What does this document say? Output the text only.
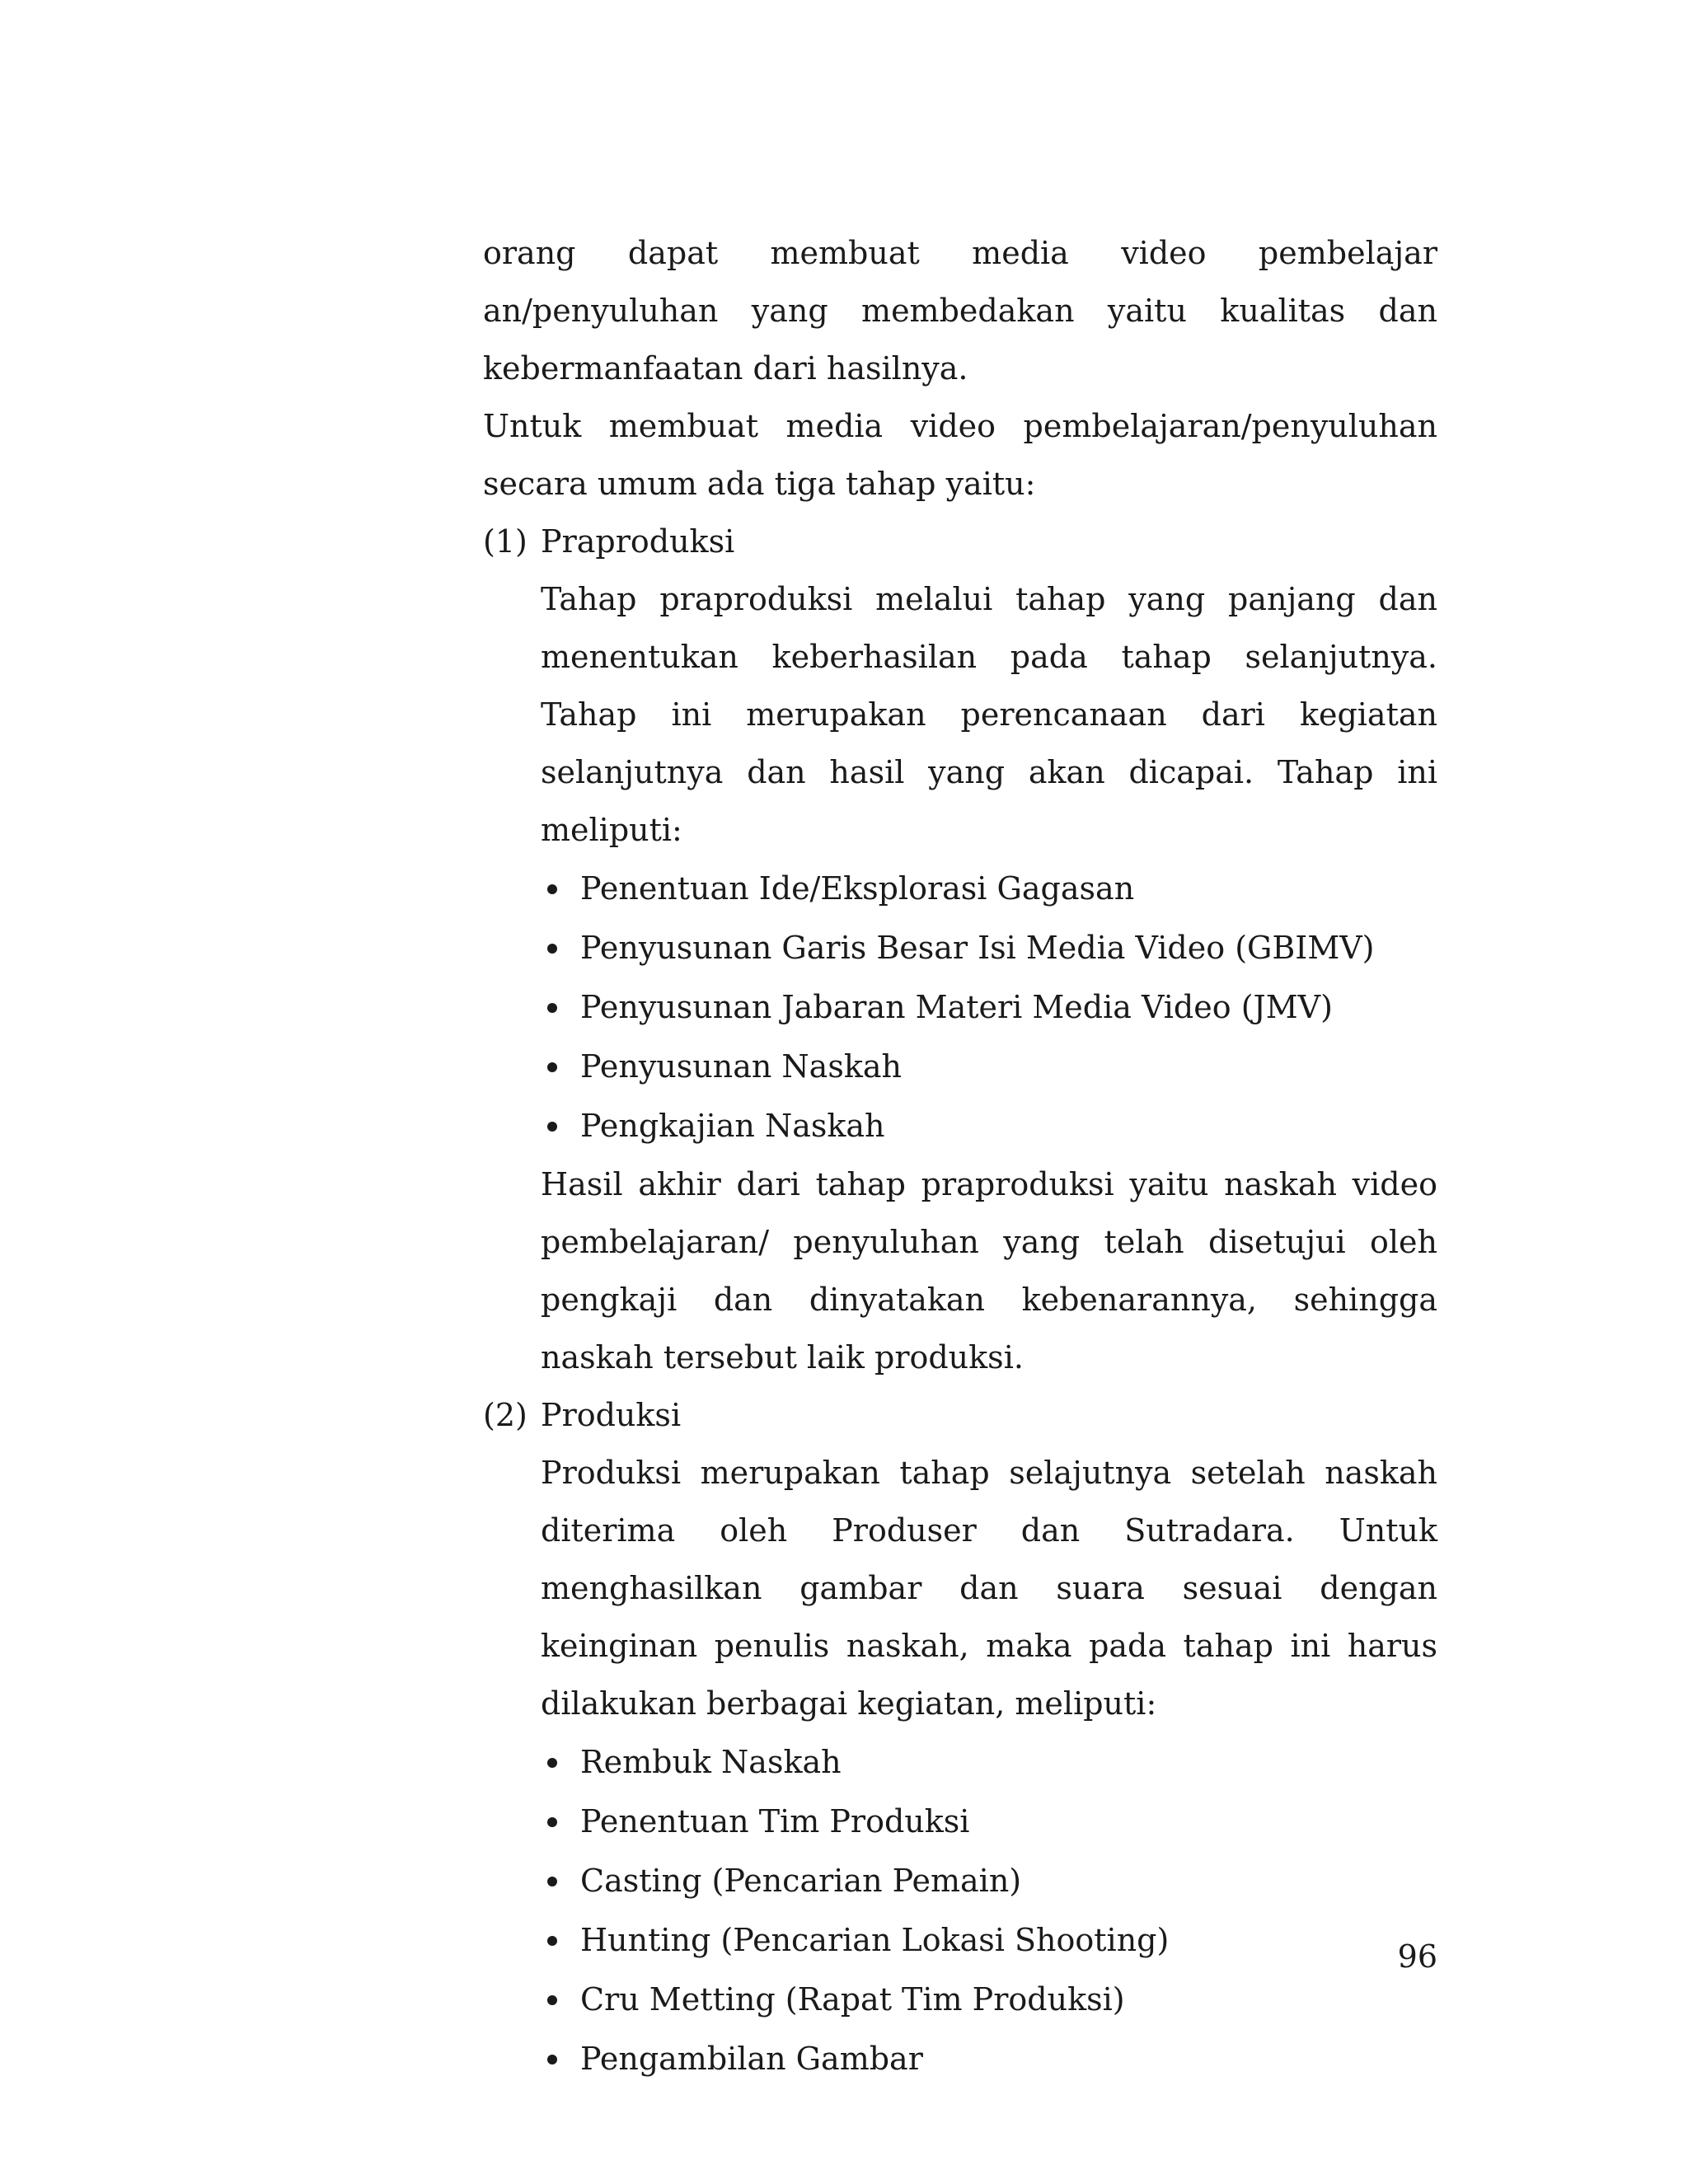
orang dapat membuat media video pembelajar an/penyuluhan yang membedakan yaitu kualitas dan kebermanfaatan dari hasilnya.

Untuk membuat media video pembelajaran/penyuluhan secara umum ada tiga tahap yaitu:

(1) Praproduksi

Tahap praproduksi melalui tahap yang panjang dan menentukan keberhasilan pada tahap selanjutnya. Tahap ini merupakan perencanaan dari kegiatan selanjutnya dan hasil yang akan dicapai. Tahap ini meliputi:

Penentuan Ide/Eksplorasi Gagasan
Penyusunan Garis Besar Isi Media Video (GBIMV)
Penyusunan Jabaran Materi Media Video (JMV)
Penyusunan Naskah
Pengkajian Naskah

Hasil akhir dari tahap praproduksi yaitu naskah video pembelajaran/ penyuluhan yang telah disetujui oleh pengkaji dan dinyatakan kebenarannya, sehingga naskah tersebut laik produksi.

(2) Produksi

Produksi merupakan tahap selajutnya setelah naskah diterima oleh Produser dan Sutradara. Untuk menghasilkan gambar dan suara sesuai dengan keinginan penulis naskah, maka pada tahap ini harus dilakukan berbagai kegiatan, meliputi:

Rembuk Naskah
Penentuan Tim Produksi
Casting (Pencarian Pemain)
Hunting (Pencarian Lokasi Shooting)
Cru Metting (Rapat Tim Produksi)
Pengambilan Gambar
96
